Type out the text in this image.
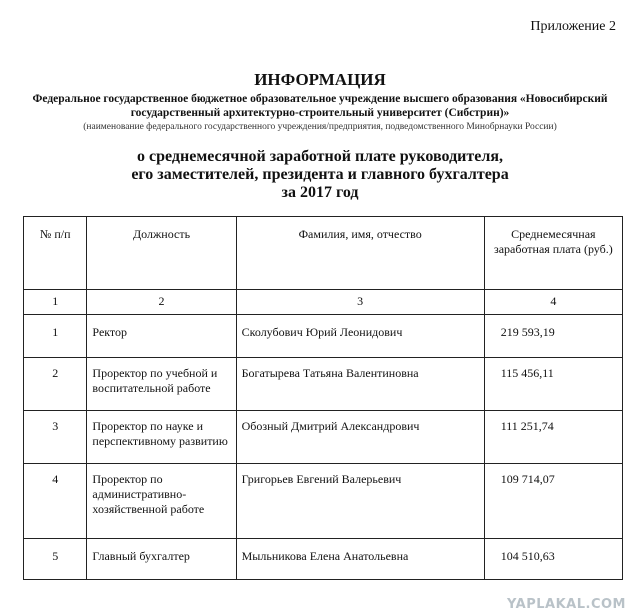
Приложение 2
ИНФОРМАЦИЯ
Федеральное государственное бюджетное образовательное учреждение высшего образования «Новосибирский государственный архитектурно-строительный университет (Сибстрин)»
(наименование федерального государственного учреждения/предприятия, подведомственного Минобрнауки России)
о среднемесячной заработной плате руководителя,
его заместителей, президента и главного бухгалтера
за 2017 год
№ п/п	Должность	Фамилия, имя, отчество	Среднемесячная заработная плата (руб.)
1	2	3	4
1	Ректор	Сколубович Юрий Леонидович	219 593,19
2	Проректор по учебной и воспитательной работе	Богатырева Татьяна Валентиновна	115 456,11
3	Проректор по науке и перспективному развитию	Обозный Дмитрий Александрович	111 251,74
4	Проректор по административно-хозяйственной работе	Григорьев Евгений Валерьевич	109 714,07
5	Главный бухгалтер	Мыльникова Елена Анатольевна	104 510,63
YAPLAKAL.COM
